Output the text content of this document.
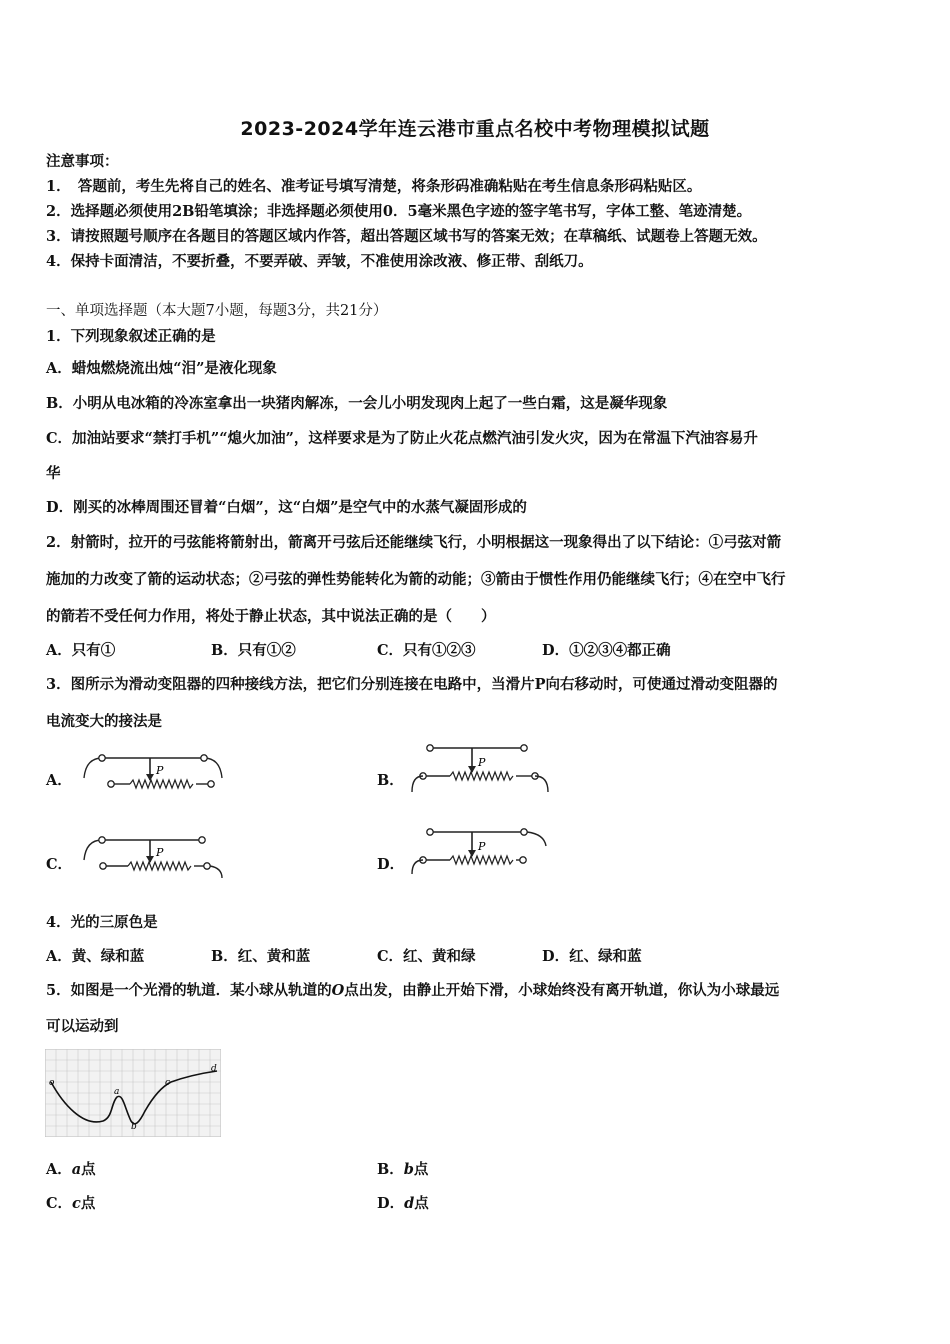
2023-2024学年连云港市重点名校中考物理模拟试题
注意事项：
1．　答题前，考生先将自己的姓名、准考证号填写清楚，将条形码准确粘贴在考生信息条形码粘贴区。
2．选择题必须使用2B铅笔填涂；非选择题必须使用0．5毫米黑色字迹的签字笔书写，字体工整、笔迹清楚。
3．请按照题号顺序在各题目的答题区域内作答，超出答题区域书写的答案无效；在草稿纸、试题卷上答题无效。
4．保持卡面清洁，不要折叠，不要弄破、弄皱，不准使用涂改液、修正带、刮纸刀。
一、单项选择题（本大题7小题，每题3分，共21分）
1．下列现象叙述正确的是
A．蜡烛燃烧流出烛“泪”是液化现象
B．小明从电冰箱的冷冻室拿出一块猪肉解冻，一会儿小明发现肉上起了一些白霜，这是凝华现象
C．加油站要求“禁打手机”“熄火加油”，这样要求是为了防止火花点燃汽油引发火灾，因为在常温下汽油容易升
华
D．刚买的冰棒周围还冒着“白烟”，这“白烟”是空气中的水蒸气凝固形成的
2．射箭时，拉开的弓弦能将箭射出，箭离开弓弦后还能继续飞行，小明根据这一现象得出了以下结论：①弓弦对箭
施加的力改变了箭的运动状态；②弓弦的弹性势能转化为箭的动能；③箭由于惯性作用仍能继续飞行；④在空中飞行
的箭若不受任何力作用，将处于静止状态，其中说法正确的是（　　）
A．只有①	B．只有①②	C．只有①②③	D．①②③④都正确
3．图所示为滑动变阻器的四种接线方法，把它们分别连接在电路中，当滑片P向右移动时，可使通过滑动变阻器的
电流变大的接法是
A．
P
B．
P
C．
P
D．
P
4．光的三原色是
A．黄、绿和蓝	B．红、黄和蓝	C．红、黄和绿	D．红、绿和蓝
5．如图是一个光滑的轨道．某小球从轨道的O点出发，由静止开始下滑，小球始终没有离开轨道，你认为小球最远
可以运动到
o
a
b
c
d
A．a点	B．b点
C．c点	D．d点
